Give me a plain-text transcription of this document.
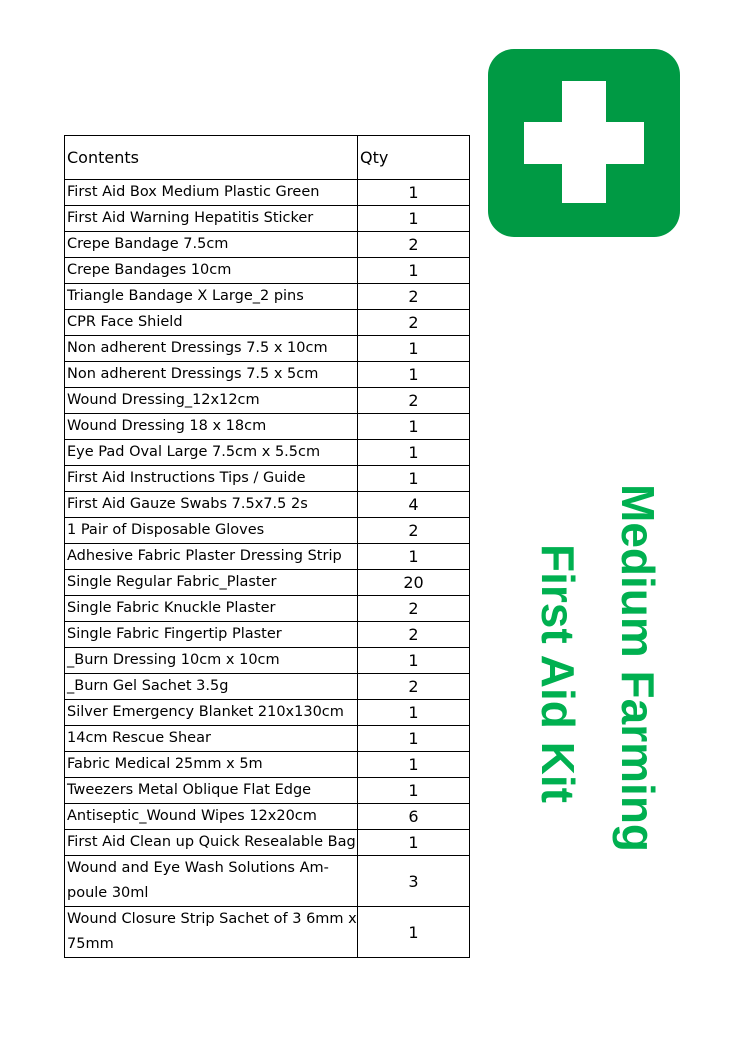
Contents	Qty
First Aid Box Medium Plastic Green	1
First Aid Warning Hepatitis Sticker	1
Crepe Bandage 7.5cm	2
Crepe Bandages 10cm	1
Triangle Bandage X Large_2 pins	2
CPR Face Shield	2
Non adherent Dressings 7.5 x 10cm	1
Non adherent Dressings 7.5 x 5cm	1
Wound Dressing_12x12cm	2
Wound Dressing 18 x 18cm	1
Eye Pad Oval Large 7.5cm x 5.5cm	1
First Aid Instructions Tips / Guide	1
First Aid Gauze Swabs 7.5x7.5 2s	4
1 Pair of Disposable Gloves	2
Adhesive Fabric Plaster Dressing Strip	1
Single Regular Fabric_Plaster	20
Single Fabric Knuckle Plaster	2
Single Fabric Fingertip Plaster	2
_Burn Dressing 10cm x 10cm	1
_Burn Gel Sachet 3.5g	2
Silver Emergency Blanket 210x130cm	1
14cm Rescue Shear	1
Fabric Medical 25mm x 5m	1
Tweezers Metal Oblique Flat Edge	1
Antiseptic_Wound Wipes 12x20cm	6
First Aid Clean up Quick Resealable Bag	1
Wound and Eye Wash Solutions Am-poule 30ml	3
Wound Closure Strip Sachet of 3 6mm x 75mm	1
Medium Farming
First Aid Kit
